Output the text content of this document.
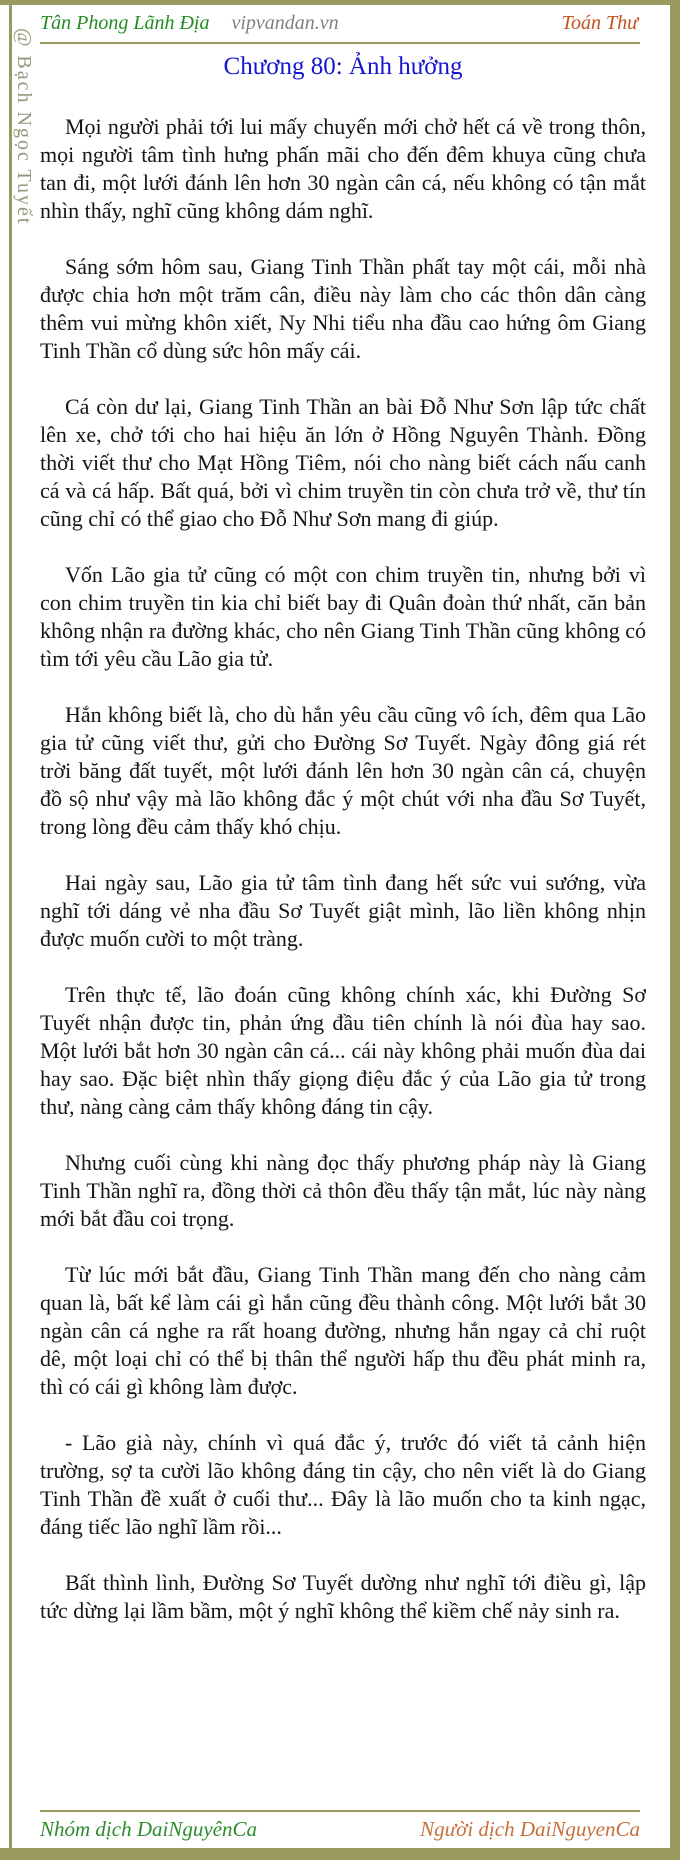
@ Bạch Ngọc Tuyết
Tân Phong Lãnh Địa vipvandan.vn	Toán Thư
Chương 80: Ảnh hưởng

Mọi người phải tới lui mấy chuyến mới chở hết cá về trong thôn, mọi người tâm tình hưng phấn mãi cho đến đêm khuya cũng chưa tan đi, một lưới đánh lên hơn 30 ngàn cân cá, nếu không có tận mắt nhìn thấy, nghĩ cũng không dám nghĩ.

Sáng sớm hôm sau, Giang Tinh Thần phất tay một cái, mỗi nhà được chia hơn một trăm cân, điều này làm cho các thôn dân càng thêm vui mừng khôn xiết, Ny Nhi tiểu nha đầu cao hứng ôm Giang Tinh Thần cổ dùng sức hôn mấy cái.

Cá còn dư lại, Giang Tinh Thần an bài Đỗ Như Sơn lập tức chất lên xe, chở tới cho hai hiệu ăn lớn ở Hồng Nguyên Thành. Đồng thời viết thư cho Mạt Hồng Tiêm, nói cho nàng biết cách nấu canh cá và cá hấp. Bất quá, bởi vì chim truyền tin còn chưa trở về, thư tín cũng chỉ có thể giao cho Đỗ Như Sơn mang đi giúp.

Vốn Lão gia tử cũng có một con chim truyền tin, nhưng bởi vì con chim truyền tin kia chỉ biết bay đi Quân đoàn thứ nhất, căn bản không nhận ra đường khác, cho nên Giang Tinh Thần cũng không có tìm tới yêu cầu Lão gia tử.

Hắn không biết là, cho dù hắn yêu cầu cũng vô ích, đêm qua Lão gia tử cũng viết thư, gửi cho Đường Sơ Tuyết. Ngày đông giá rét trời băng đất tuyết, một lưới đánh lên hơn 30 ngàn cân cá, chuyện đồ sộ như vậy mà lão không đắc ý một chút với nha đầu Sơ Tuyết, trong lòng đều cảm thấy khó chịu.

Hai ngày sau, Lão gia tử tâm tình đang hết sức vui sướng, vừa nghĩ tới dáng vẻ nha đầu Sơ Tuyết giật mình, lão liền không nhịn được muốn cười to một tràng.

Trên thực tế, lão đoán cũng không chính xác, khi Đường Sơ Tuyết nhận được tin, phản ứng đầu tiên chính là nói đùa hay sao. Một lưới bắt hơn 30 ngàn cân cá... cái này không phải muốn đùa dai hay sao. Đặc biệt nhìn thấy giọng điệu đắc ý của Lão gia tử trong thư, nàng càng cảm thấy không đáng tin cậy.

Nhưng cuối cùng khi nàng đọc thấy phương pháp này là Giang Tinh Thần nghĩ ra, đồng thời cả thôn đều thấy tận mắt, lúc này nàng mới bắt đầu coi trọng.

Từ lúc mới bắt đầu, Giang Tinh Thần mang đến cho nàng cảm quan là, bất kể làm cái gì hắn cũng đều thành công. Một lưới bắt 30 ngàn cân cá nghe ra rất hoang đường, nhưng hắn ngay cả chỉ ruột dê, một loại chỉ có thể bị thân thể người hấp thu đều phát minh ra, thì có cái gì không làm được.

- Lão già này, chính vì quá đắc ý, trước đó viết tả cảnh hiện trường, sợ ta cười lão không đáng tin cậy, cho nên viết là do Giang Tinh Thần đề xuất ở cuối thư... Đây là lão muốn cho ta kinh ngạc, đáng tiếc lão nghĩ lầm rồi...

Bất thình lình, Đường Sơ Tuyết dường như nghĩ tới điều gì, lập tức dừng lại lầm bầm, một ý nghĩ không thể kiềm chế nảy sinh ra.

Nhóm dịch DaiNguyênCa	Người dịch DaiNguyenCa
